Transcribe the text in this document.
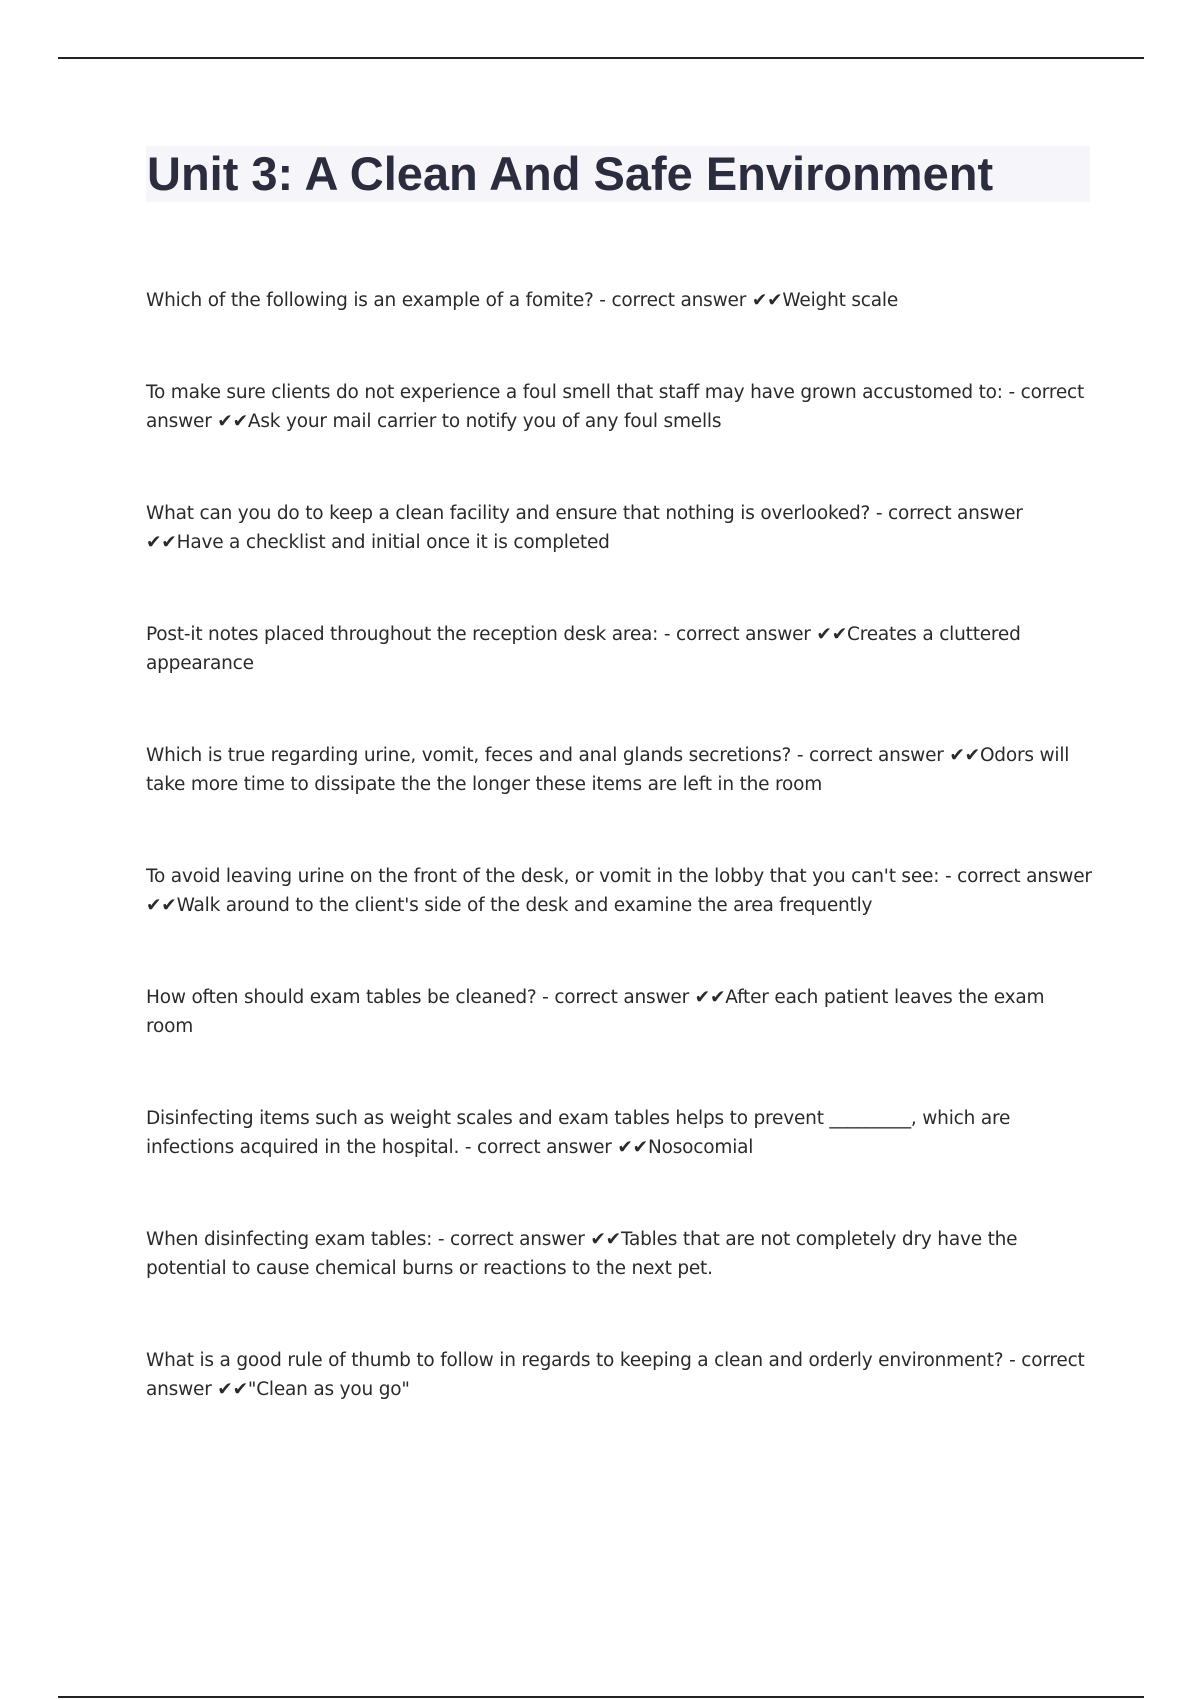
Unit 3: A Clean And Safe Environment
Which of the following is an example of a fomite? - correct answer ✔✔Weight scale
To make sure clients do not experience a foul smell that staff may have grown accustomed to: - correct answer ✔✔Ask your mail carrier to notify you of any foul smells
What can you do to keep a clean facility and ensure that nothing is overlooked? - correct answer ✔✔Have a checklist and initial once it is completed
Post-it notes placed throughout the reception desk area: - correct answer ✔✔Creates a cluttered appearance
Which is true regarding urine, vomit, feces and anal glands secretions? - correct answer ✔✔Odors will take more time to dissipate the the longer these items are left in the room
To avoid leaving urine on the front of the desk, or vomit in the lobby that you can't see: - correct answer ✔✔Walk around to the client's side of the desk and examine the area frequently
How often should exam tables be cleaned? - correct answer ✔✔After each patient leaves the exam room
Disinfecting items such as weight scales and exam tables helps to prevent _________, which are infections acquired in the hospital. - correct answer ✔✔Nosocomial
When disinfecting exam tables: - correct answer ✔✔Tables that are not completely dry have the potential to cause chemical burns or reactions to the next pet.
What is a good rule of thumb to follow in regards to keeping a clean and orderly environment? - correct answer ✔✔"Clean as you go"
